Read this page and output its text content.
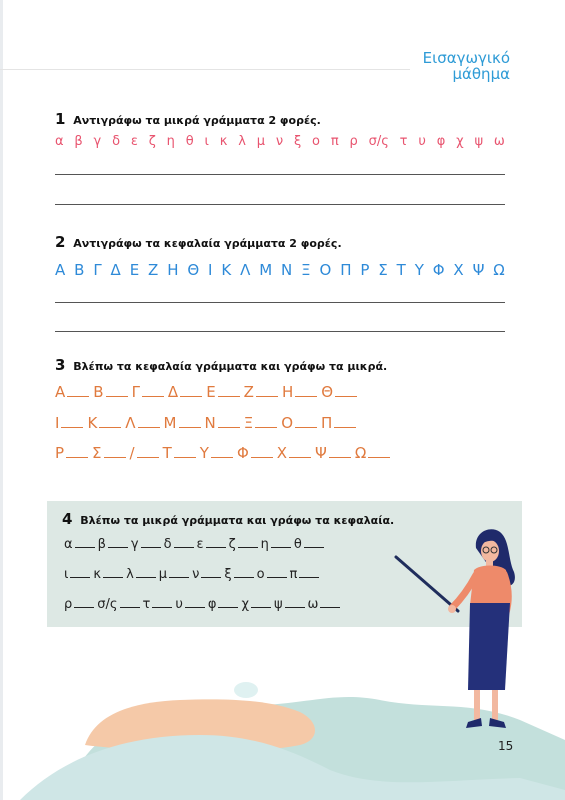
Εισαγωγικό
μάθημα
1 Αντιγράφω τα μικρά γράμματα 2 φορές.
α β γ δ ε ζ η θ ι κ λ μ ν ξ ο π ρ σ/ς τ υ φ χ ψ ω
2 Αντιγράφω τα κεφαλαία γράμματα 2 φορές.
Α Β Γ Δ Ε Ζ Η Θ Ι Κ Λ Μ Ν Ξ Ο Π Ρ Σ Τ Υ Φ Χ Ψ Ω
3 Βλέπω τα κεφαλαία γράμματα και γράφω τα μικρά.
Α Β Γ Δ Ε Ζ Η Θ
Ι Κ Λ Μ Ν Ξ Ο Π
Ρ Σ / Τ Υ Φ Χ Ψ Ω
4 Βλέπω τα μικρά γράμματα και γράφω τα κεφαλαία.
α β γ δ ε ζ η θ
ι κ λ μ ν ξ ο π
ρ σ/ς τ υ φ χ ψ ω
15
